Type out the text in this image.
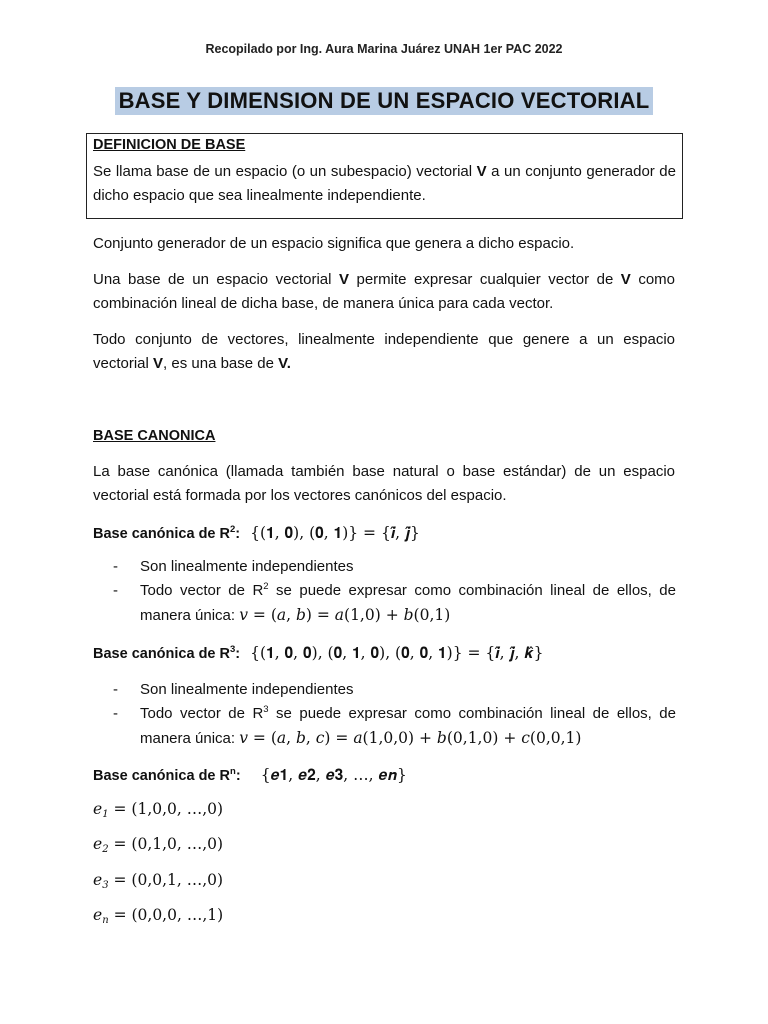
Recopilado por Ing. Aura Marina Juárez UNAH 1er PAC 2022
BASE Y DIMENSION DE UN ESPACIO VECTORIAL
DEFINICION DE BASE
Se llama base de un espacio (o un subespacio) vectorial V a un conjunto generador de dicho espacio que sea linealmente independiente.
Conjunto generador de un espacio significa que genera a dicho espacio.
Una base de un espacio vectorial V permite expresar cualquier vector de V como combinación lineal de dicha base, de manera única para cada vector.
Todo conjunto de vectores, linealmente independiente que genere a un espacio vectorial V, es una base de V.
BASE CANONICA
La base canónica (llamada también base natural o base estándar) de un espacio vectorial está formada por los vectores canónicos del espacio.
Base canónica de $R^2$: {(𝟏, 𝟎), (𝟎, 𝟏)} = {𝒊̂, 𝒋̂}
-	Son linealmente independientes
-	Todo vector de $R^2$ se puede expresar como combinación lineal de ellos, de manera única: 𝑣 = (𝑎, 𝑏) = 𝑎(1,0) + 𝑏(0,1)
Base canónica de $R^3$: {(𝟏, 𝟎, 𝟎), (𝟎, 𝟏, 𝟎), (𝟎, 𝟎, 𝟏)} = {𝒊̂, 𝒋̂, 𝒌̂}
-	Son linealmente independientes
-	Todo vector de $R^3$ se puede expresar como combinación lineal de ellos, de manera única: 𝑣 = (𝑎, 𝑏, 𝑐) = 𝑎(1,0,0) + 𝑏(0,1,0) + 𝑐(0,0,1)
Base canónica de $R^n$: {𝒆𝟏, 𝒆𝟐, 𝒆𝟑, …, 𝒆𝒏}
$e_1 = (1,0,0$, …,0)
$e_2 = (0,1,0$, …,0)
$e_3 = (0,0,1$, …,0)
$e_n = (0,0,0$, …,1)
